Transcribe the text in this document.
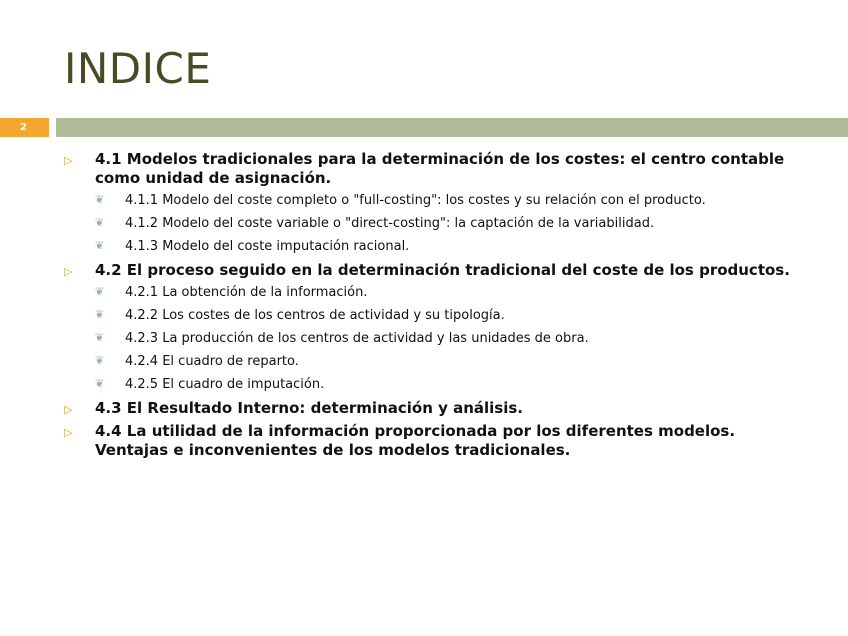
INDICE
2
▷ 4.1 Modelos tradicionales para la determinación de los costes: el centro contable como unidad de asignación.
❦ 4.1.1 Modelo del coste completo o "full-costing": los costes y su relación con el producto.
❦ 4.1.2 Modelo del coste variable o "direct-costing": la captación de la variabilidad.
❦ 4.1.3 Modelo del coste imputación racional.
▷ 4.2 El proceso seguido en la determinación tradicional del coste de los productos.
❦ 4.2.1 La obtención de la información.
❦ 4.2.2 Los costes de los centros de actividad y su tipología.
❦ 4.2.3 La producción de los centros de actividad y las unidades de obra.
❦ 4.2.4 El cuadro de reparto.
❦ 4.2.5 El cuadro de imputación.
▷ 4.3 El Resultado Interno: determinación y análisis.
▷ 4.4 La utilidad de la información proporcionada por los diferentes modelos. Ventajas e inconvenientes de los modelos tradicionales.
